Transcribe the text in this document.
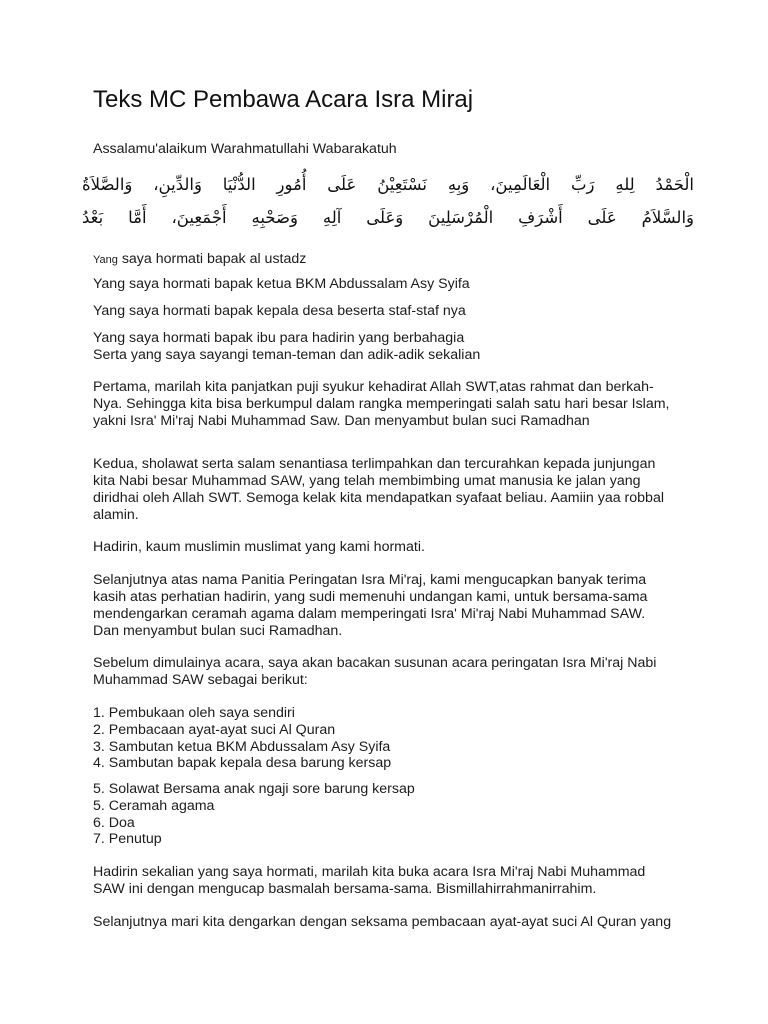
Teks MC Pembawa Acara Isra Miraj

Assalamu'alaikum Warahmatullahi Wabarakatuh

الْحَمْدُ لِلهِ رَبِّ الْعَالَمِينَ، وَبِهِ نَسْتَعِيْنُ عَلَى أُمُورِ الدُّنْيَا وَالدِّينِ، وَالصَّلاَةُ

وَالسَّلاَمُ عَلَى أَشْرَفِ الْمُرْسَلِينَ وَعَلَى آلِهِ وَصَحْبِهِ أَجْمَعِينَ، أَمَّا بَعْدُ

Yang saya hormati bapak al ustadz

Yang saya hormati bapak ketua BKM Abdussalam Asy Syifa

Yang saya hormati bapak kepala desa beserta staf-staf nya

Yang saya hormati bapak ibu para hadirin yang berbahagia

Serta yang saya sayangi teman-teman dan adik-adik sekalian

Pertama, marilah kita panjatkan puji syukur kehadirat Allah SWT,atas rahmat dan berkah-

Nya. Sehingga kita bisa berkumpul dalam rangka memperingati salah satu hari besar Islam,

yakni Isra' Mi'raj Nabi Muhammad Saw. Dan menyambut bulan suci Ramadhan

Kedua, sholawat serta salam senantiasa terlimpahkan dan tercurahkan kepada junjungan

kita Nabi besar Muhammad SAW, yang telah membimbing umat manusia ke jalan yang

diridhai oleh Allah SWT. Semoga kelak kita mendapatkan syafaat beliau. Aamiin yaa robbal

alamin.

Hadirin, kaum muslimin muslimat yang kami hormati.

Selanjutnya atas nama Panitia Peringatan Isra Mi'raj, kami mengucapkan banyak terima

kasih atas perhatian hadirin, yang sudi memenuhi undangan kami, untuk bersama-sama

mendengarkan ceramah agama dalam memperingati Isra' Mi'raj Nabi Muhammad SAW.

Dan menyambut bulan suci Ramadhan.

Sebelum dimulainya acara, saya akan bacakan susunan acara peringatan Isra Mi'raj Nabi

Muhammad SAW sebagai berikut:

1. Pembukaan oleh saya sendiri

2. Pembacaan ayat-ayat suci Al Quran

3. Sambutan ketua BKM Abdussalam Asy Syifa

4. Sambutan bapak kepala desa barung kersap

5. Solawat Bersama anak ngaji sore barung kersap

5. Ceramah agama

6. Doa

7. Penutup

Hadirin sekalian yang saya hormati, marilah kita buka acara Isra Mi'raj Nabi Muhammad

SAW ini dengan mengucap basmalah bersama-sama. Bismillahirrahmanirrahim.

Selanjutnya mari kita dengarkan dengan seksama pembacaan ayat-ayat suci Al Quran yang
